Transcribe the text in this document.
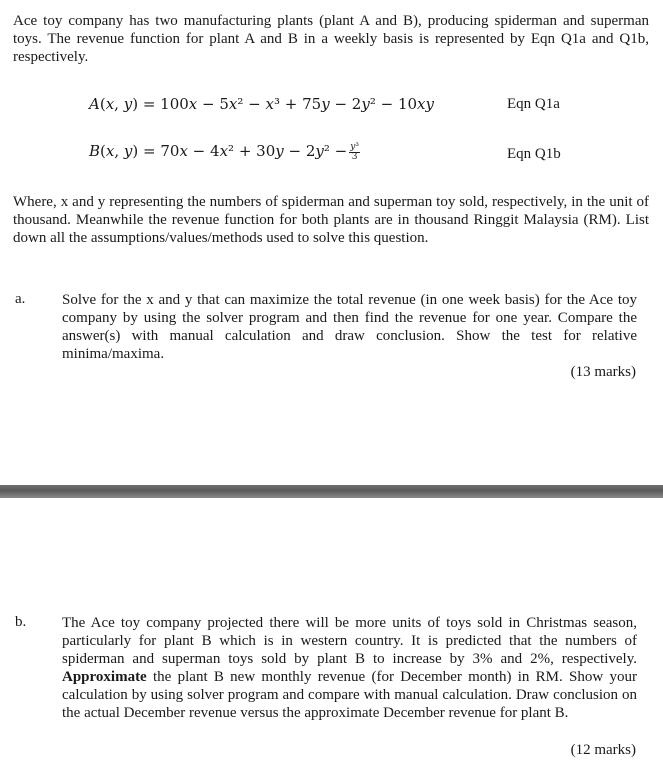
Ace toy company has two manufacturing plants (plant A and B), producing spiderman and superman toys. The revenue function for plant A and B in a weekly basis is represented by Eqn Q1a and Q1b, respectively.
A(x, y) = 100x − 5x² − x³ + 75y − 2y² − 10xy	Eqn Q1a
B(x, $y) = 70x - 4x^2 + 30y - 2y^2 - \frac{\text{y³}}{3}$	Eqn Q1b
Where, x and y representing the numbers of spiderman and superman toy sold, respectively, in the unit of thousand. Meanwhile the revenue function for both plants are in thousand Ringgit Malaysia (RM). List down all the assumptions/values/methods used to solve this question.
a. Solve for the x and y that can maximize the total revenue (in one week basis) for the Ace toy company by using the solver program and then find the revenue for one year. Compare the answer(s) with manual calculation and draw conclusion. Show the test for relative minima/maxima.
(13 marks)
b. The Ace toy company projected there will be more units of toys sold in Christmas season, particularly for plant B which is in western country. It is predicted that the numbers of spiderman and superman toys sold by plant B to increase by 3% and 2%, respectively. Approximate the plant B new monthly revenue (for December month) in RM. Show your calculation by using solver program and compare with manual calculation. Draw conclusion on the actual December revenue versus the approximate December revenue for plant B.
(12 marks)
